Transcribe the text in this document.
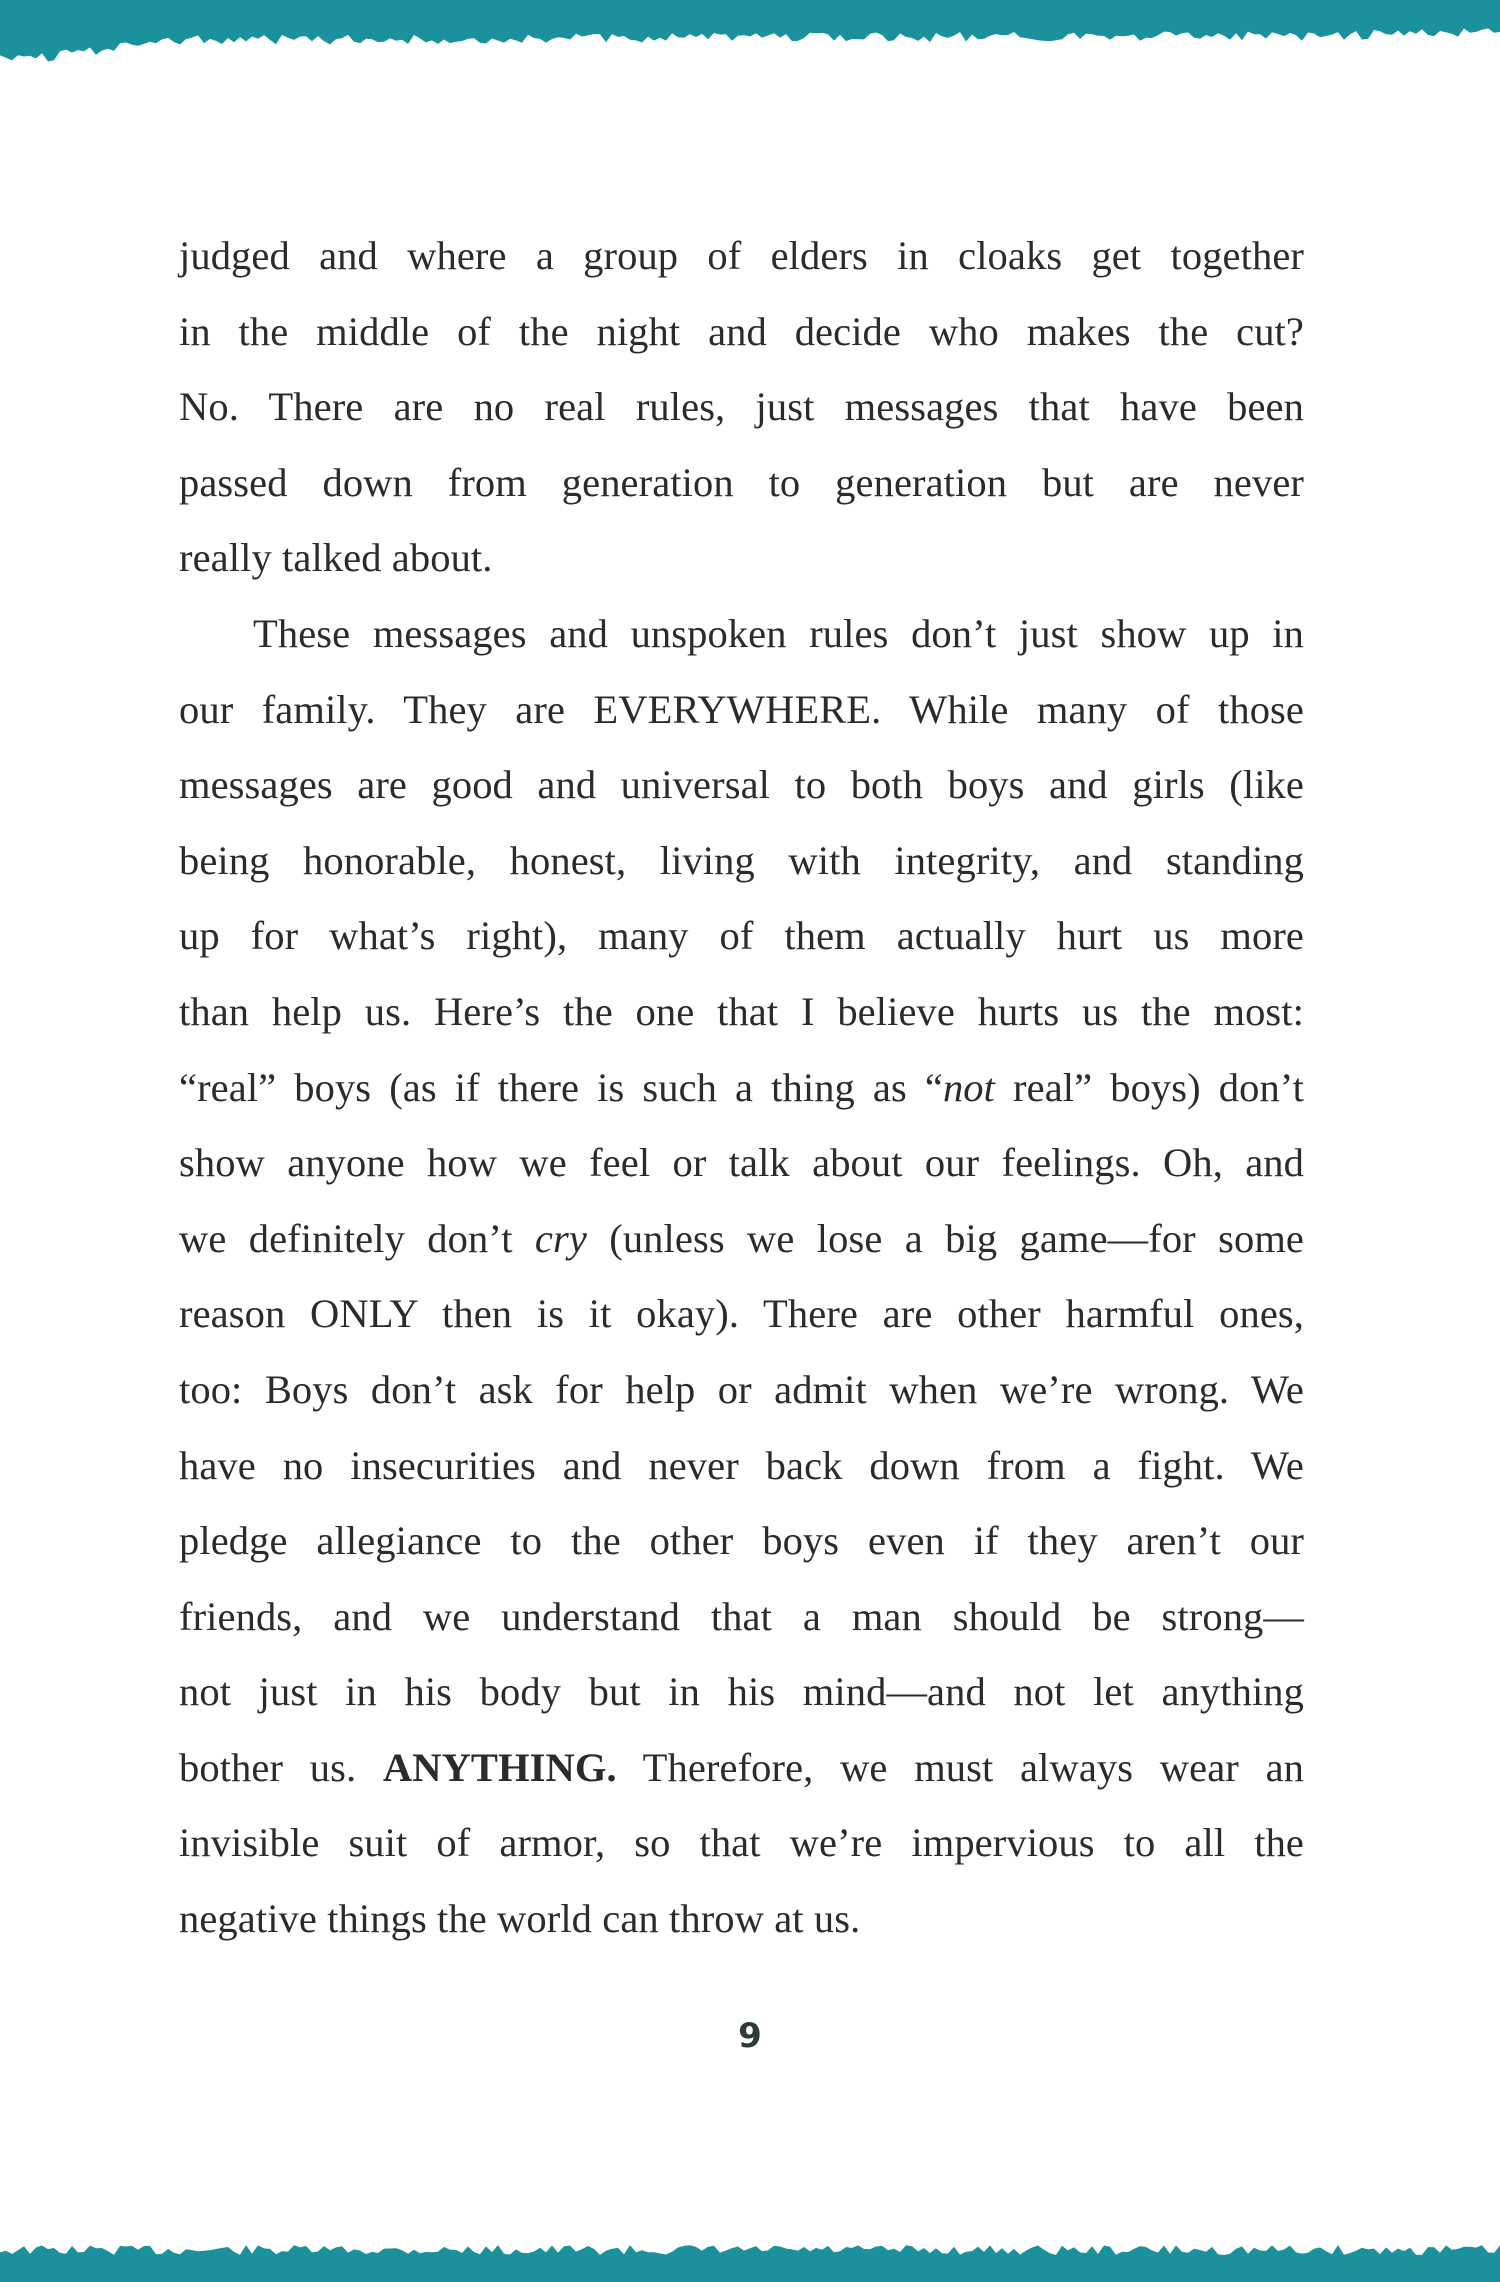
judged and where a group of elders in cloaks get together
in the middle of the night and decide who makes the cut?
No. There are no real rules, just messages that have been
passed down from generation to generation but are never
really talked about.

These messages and unspoken rules don’t just show up in
our family. They are EVERYWHERE. While many of those
messages are good and universal to both boys and girls (like
being honorable, honest, living with integrity, and standing
up for what’s right), many of them actually hurt us more
than help us. Here’s the one that I believe hurts us the most:
“real” boys (as if there is such a thing as “not real” boys) don’t
show anyone how we feel or talk about our feelings. Oh, and
we definitely don’t cry (unless we lose a big game—for some
reason ONLY then is it okay). There are other harmful ones,
too: Boys don’t ask for help or admit when we’re wrong. We
have no insecurities and never back down from a fight. We
pledge allegiance to the other boys even if they aren’t our
friends, and we understand that a man should be strong—
not just in his body but in his mind—and not let anything
bother us. ANYTHING. Therefore, we must always wear an
invisible suit of armor, so that we’re impervious to all the
negative things the world can throw at us.

9
